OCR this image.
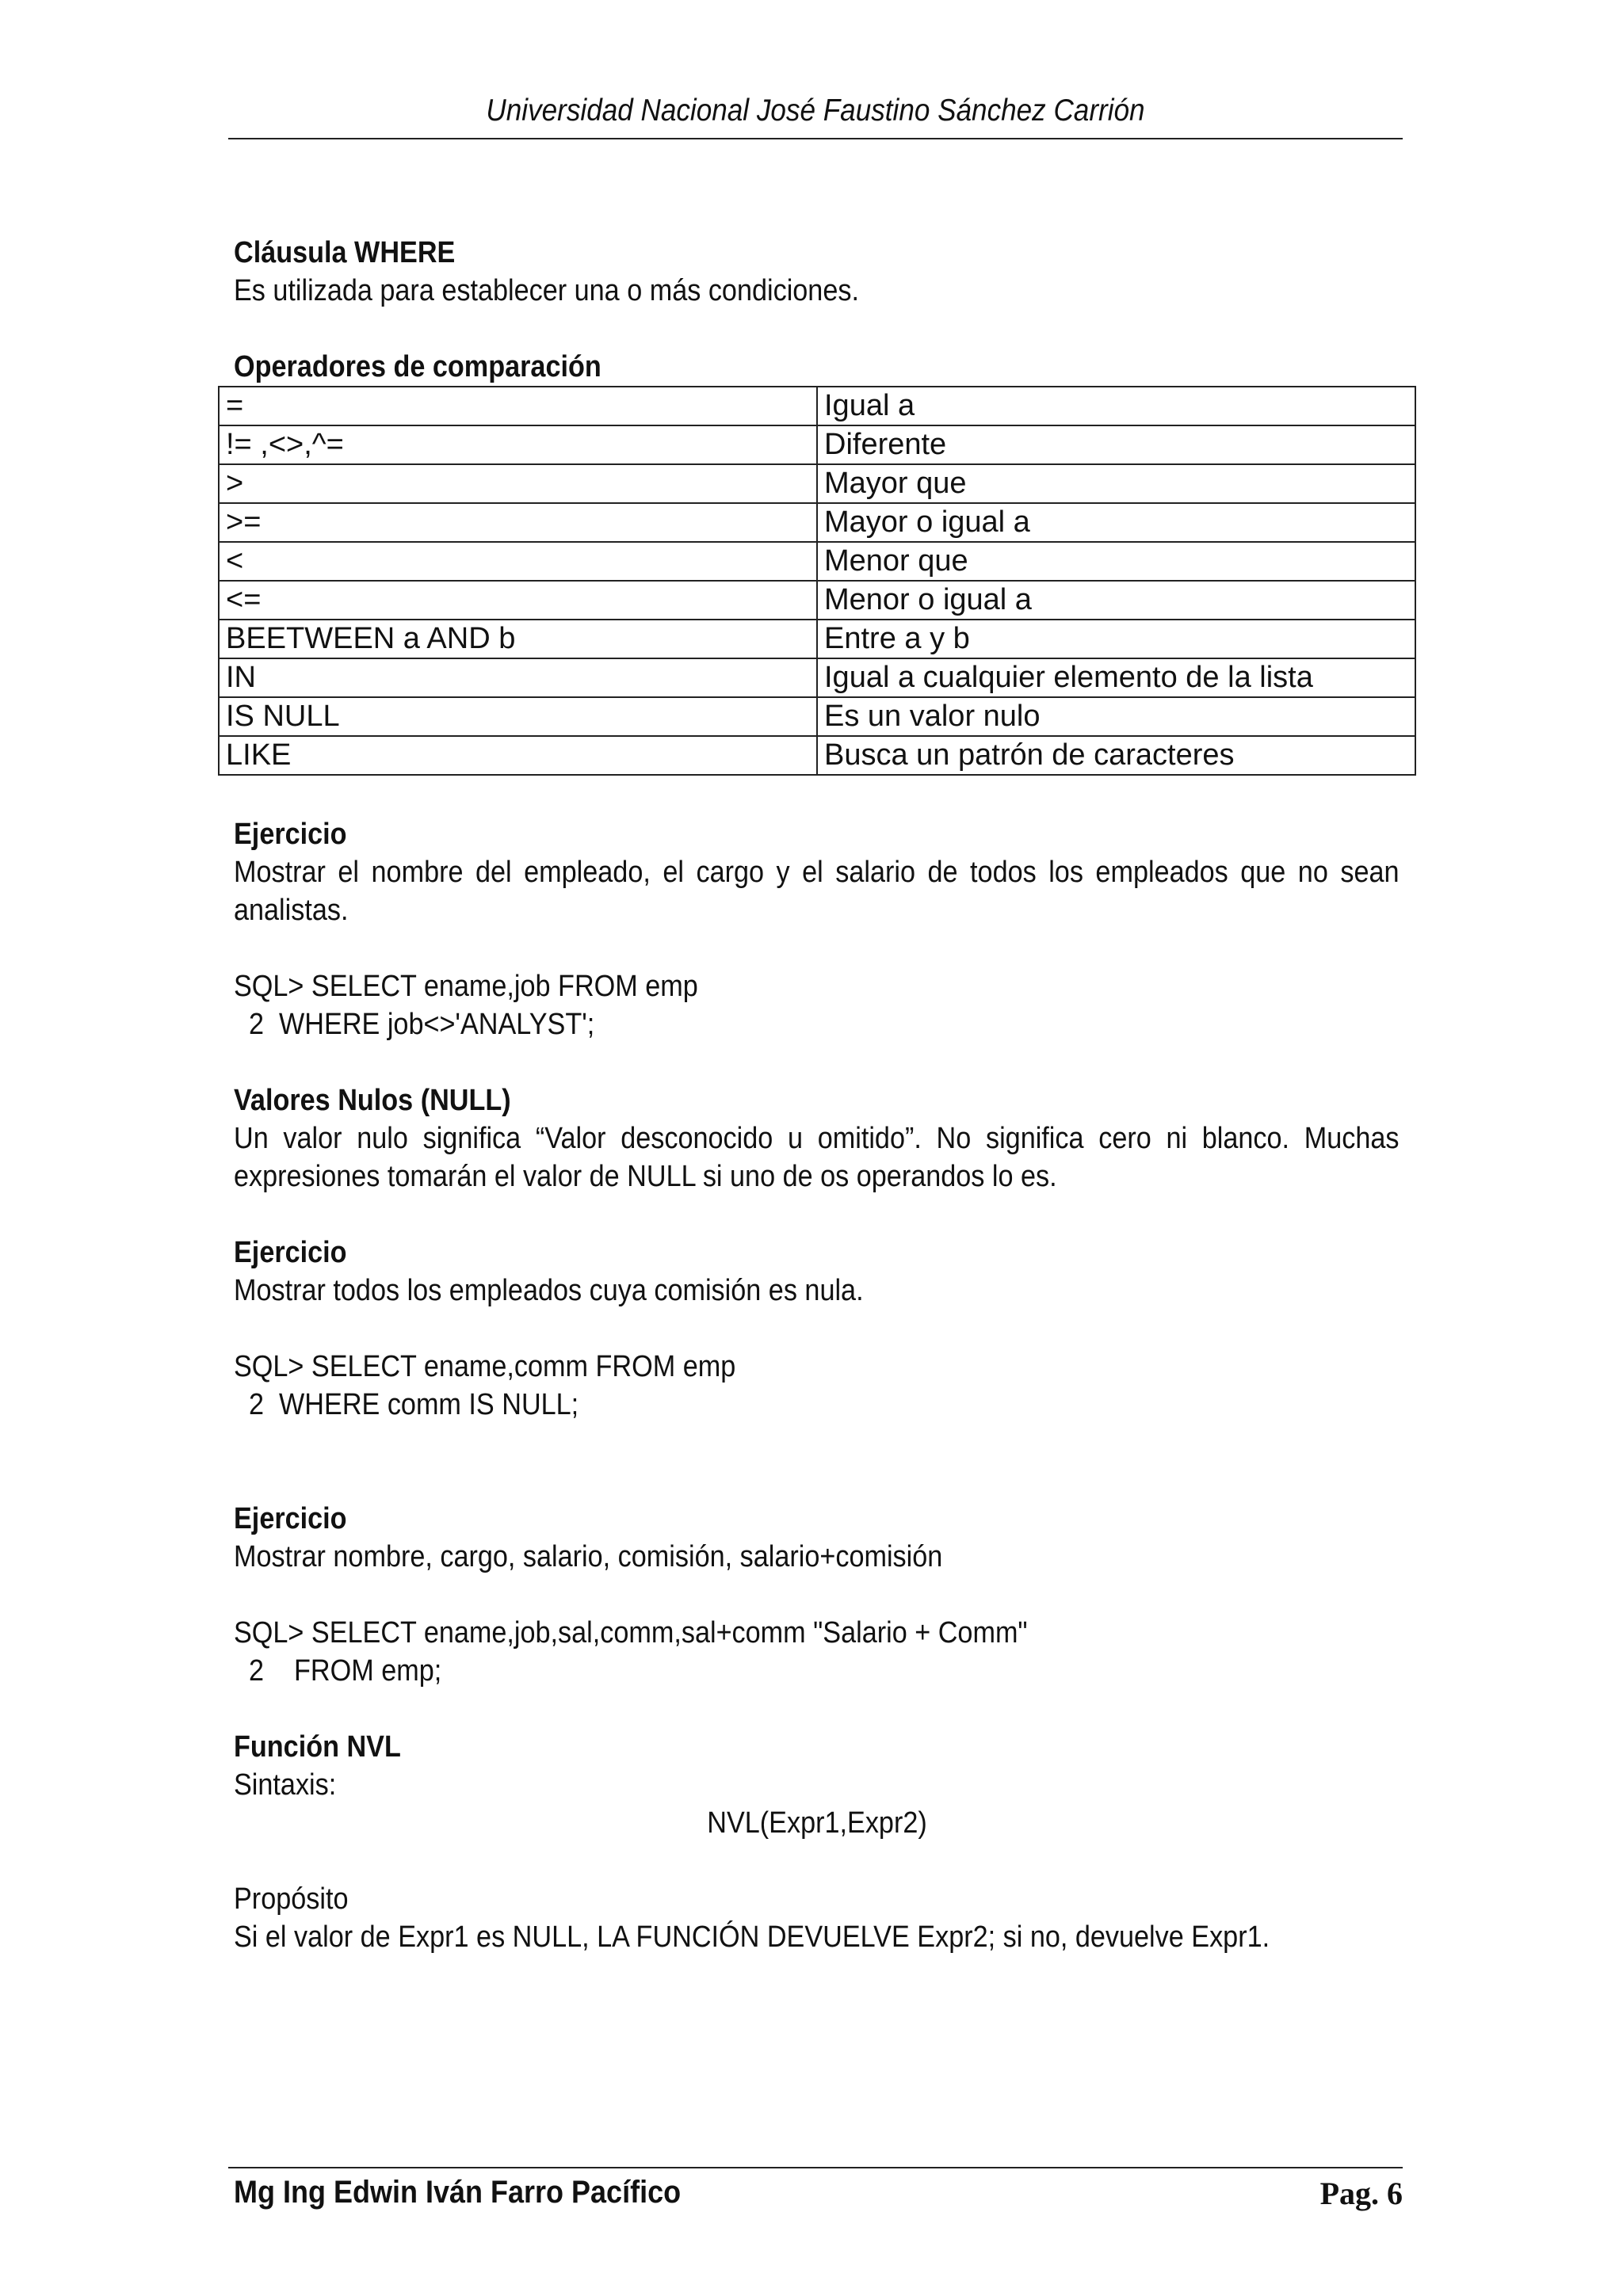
Universidad Nacional José Faustino Sánchez Carrión
Cláusula WHERE
Es utilizada para establecer una o más condiciones.
Operadores de comparación
=	Igual a
!= ,<>,^=	Diferente
>	Mayor que
>=	Mayor o igual a
<	Menor que
<=	Menor o igual a
BEETWEEN a AND b	Entre a y b
IN	Igual a cualquier elemento de la lista
IS NULL	Es un valor nulo
LIKE	Busca un patrón de caracteres
Ejercicio
Mostrar el nombre del empleado, el cargo y el salario de todos los empleados que no sean analistas.
SQL> SELECT ename,job FROM emp
2  WHERE job<>'ANALYST';
Valores Nulos (NULL)
Un valor nulo significa “Valor desconocido u omitido”. No significa cero ni blanco. Muchas expresiones tomarán el valor de NULL si uno de os operandos lo es.
Ejercicio
Mostrar todos los empleados cuya comisión es nula.
SQL> SELECT ename,comm FROM emp
2  WHERE comm IS NULL;
Ejercicio
Mostrar nombre, cargo, salario, comisión, salario+comisión
SQL> SELECT ename,job,sal,comm,sal+comm "Salario + Comm"
2    FROM emp;
Función NVL
Sintaxis:
NVL(Expr1,Expr2)
Propósito
Si el valor de Expr1 es NULL, LA FUNCIÓN DEVUELVE Expr2; si no, devuelve Expr1.
Mg Ing Edwin Iván Farro Pacífico	Pag. 6
